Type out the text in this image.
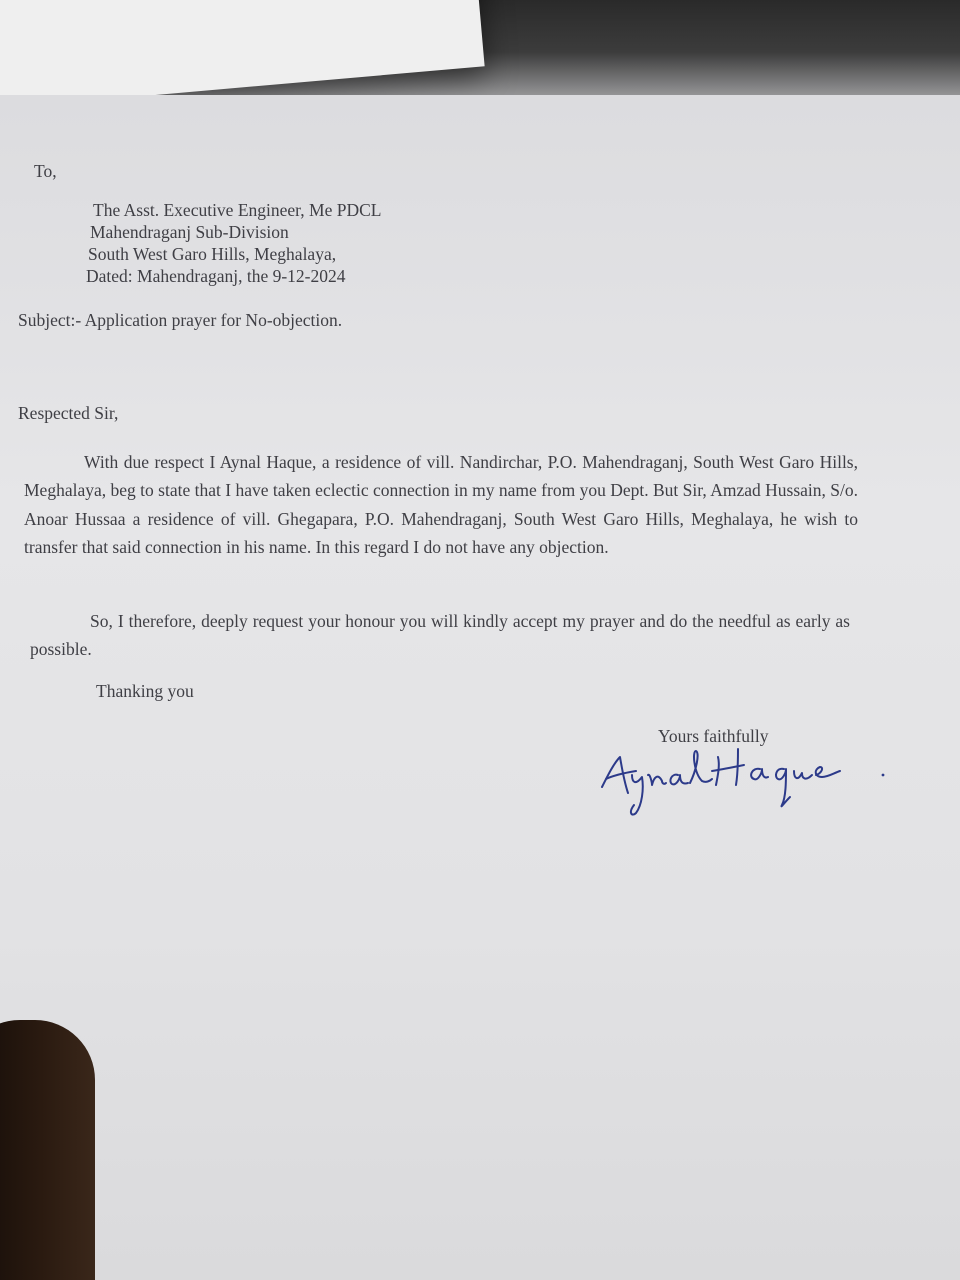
To,
The Asst. Executive Engineer, Me PDCL
Mahendraganj Sub-Division
South West Garo Hills, Meghalaya,
Dated: Mahendraganj, the 9-12-2024
Subject:- Application prayer for No-objection.
Respected Sir,
With due respect I Aynal Haque, a residence of vill. Nandirchar, P.O. Mahendraganj, South West Garo Hills, Meghalaya, beg to state that I have taken eclectic connection in my name from you Dept. But Sir, Amzad Hussain, S/o. Anoar Hussaa a residence of vill. Ghegapara, P.O. Mahendraganj, South West Garo Hills, Meghalaya, he wish to transfer that said connection in his name. In this regard I do not have any objection.
So, I therefore, deeply request your honour you will kindly accept my prayer and do the needful as early as possible.
Thanking you
Yours faithfully
